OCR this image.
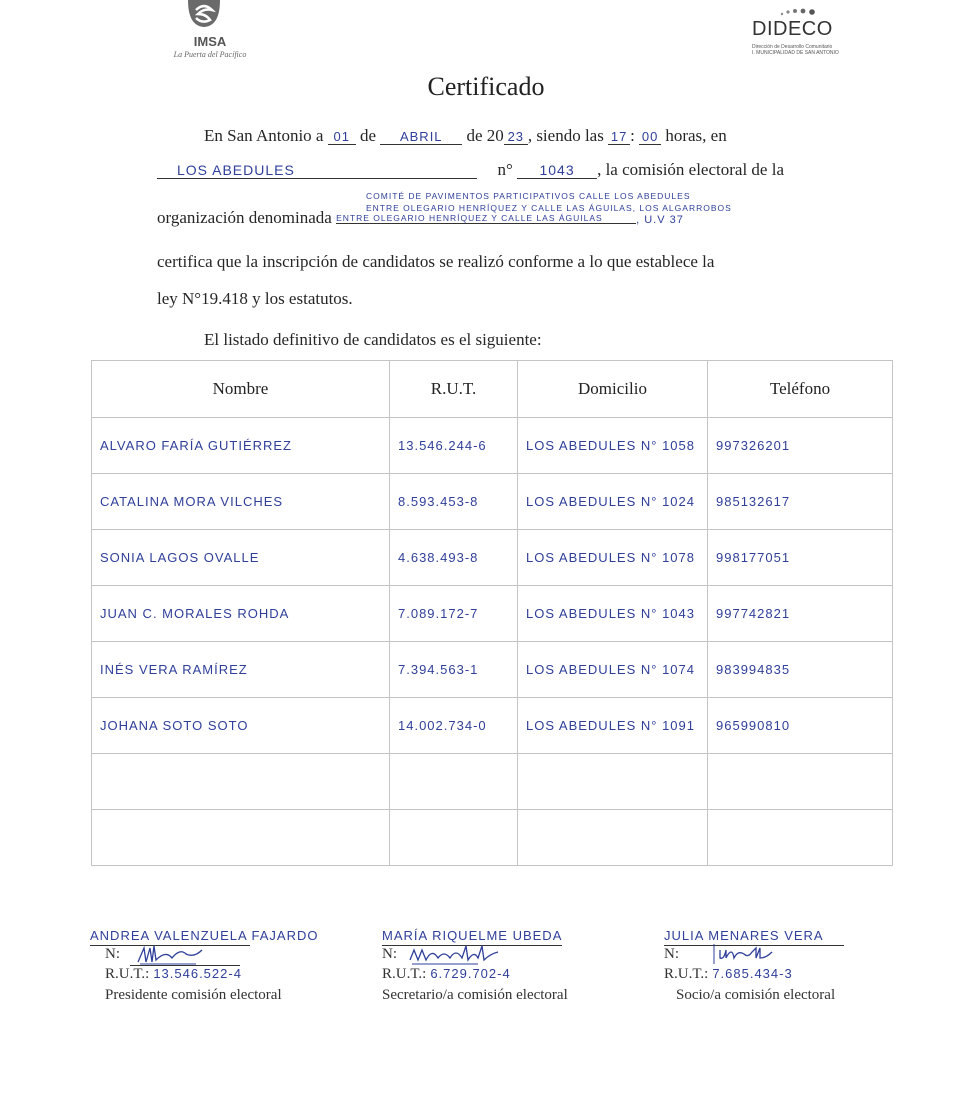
IMSA
La Puerta del Pacífico
DIDECO
Dirección de Desarrollo Comunitario
I. MUNICIPALIDAD DE SAN ANTONIO
Certificado
En San Antonio a 01 de ABRIL de 20 23 , siendo las 17 : 00 horas, en
LOS ABEDULES	n° 1043 , la comisión electoral de la
COMITÉ DE PAVIMENTOS PARTICIPATIVOS CALLE LOS ABEDULES
ENTRE OLEGARIO HENRÍQUEZ Y CALLE LAS ÁGUILAS, LOS ALGARROBOS
organización denominada ENTRE OLEGARIO HENRÍQUEZ Y CALLE LAS ÁGUILAS	, U.V 37
certifica que la inscripción de candidatos se realizó conforme a lo que establece la
ley N°19.418 y los estatutos.
El listado definitivo de candidatos es el siguiente:
Nombre	R.U.T.	Domicilio	Teléfono
ALVARO FARÍA GUTIÉRREZ	13.546.244-6	LOS ABEDULES N° 1058	997326201
CATALINA MORA VILCHES	8.593.453-8	LOS ABEDULES N° 1024	985132617
SONIA LAGOS OVALLE	4.638.493-8	LOS ABEDULES N° 1078	998177051
JUAN C. MORALES ROHDA	7.089.172-7	LOS ABEDULES N° 1043	997742821
INÉS VERA RAMÍREZ	7.394.563-1	LOS ABEDULES N° 1074	983994835
JOHANA SOTO SOTO	14.002.734-0	LOS ABEDULES N° 1091	965990810

ANDREA VALENZUELA FAJARDO
N:
R.U.T.: 13.546.522-4
Presidente comisión electoral
MARÍA RIQUELME UBEDA
N:
R.U.T.: 6.729.702-4
Secretario/a comisión electoral
JULIA MENARES VERA
N:
R.U.T.: 7.685.434-3
Socio/a comisión electoral
